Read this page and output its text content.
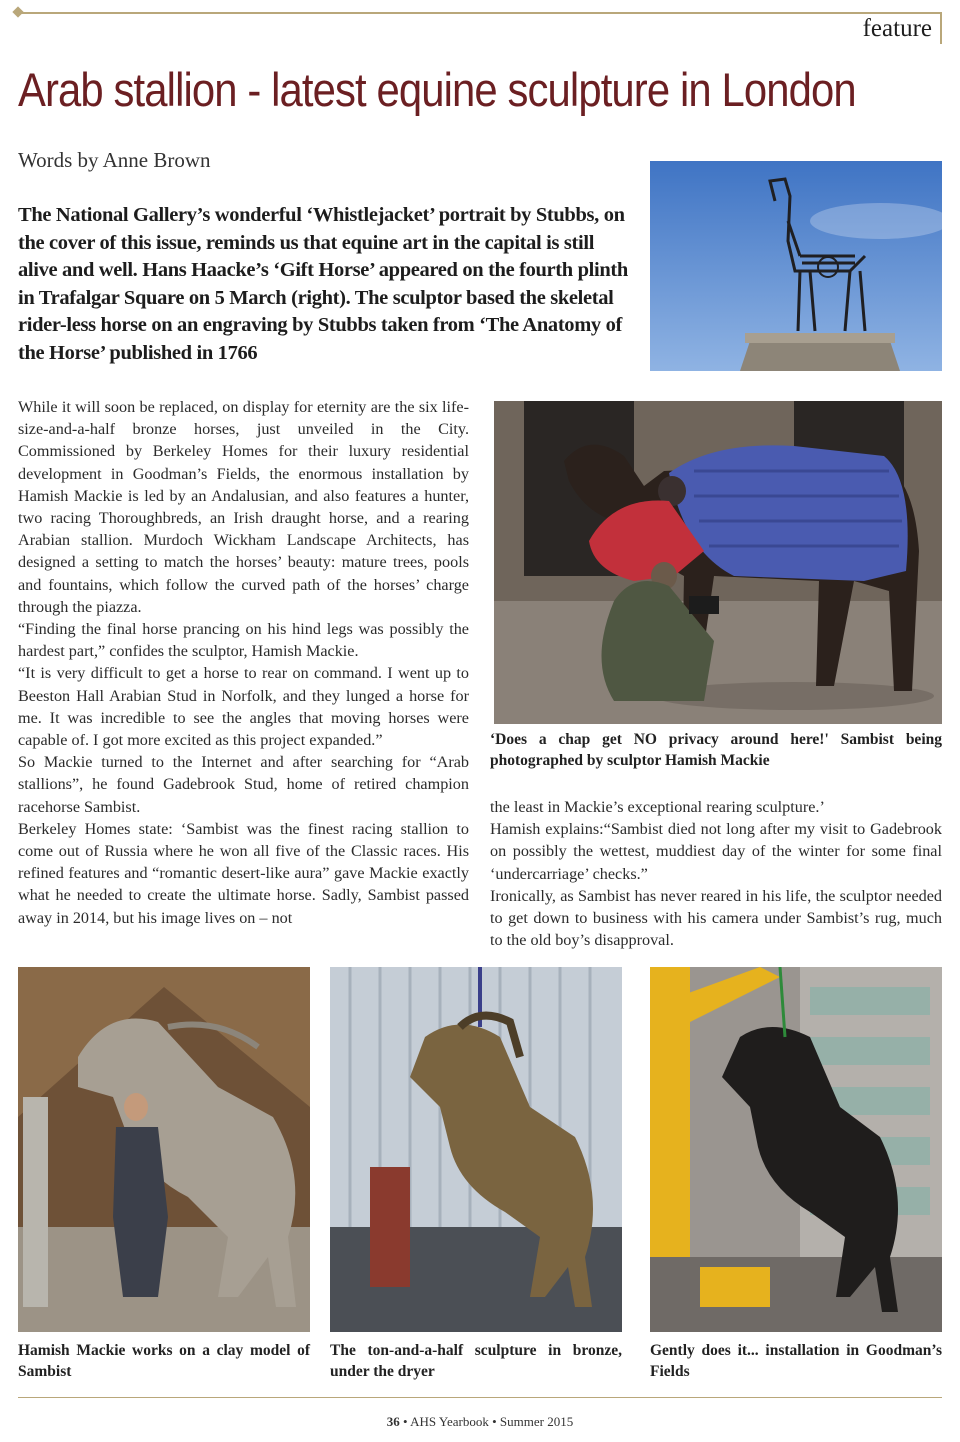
feature
Arab stallion - latest equine sculpture in London
Words by Anne Brown
The National Gallery’s wonderful ‘Whistlejacket’ portrait by Stubbs, on the cover of this issue, reminds us that equine art in the capital is still alive and well. Hans Haacke’s ‘Gift Horse’ appeared on the fourth plinth in Trafalgar Square on 5 March (right). The sculptor based the skeletal rider-less horse on an engraving by Stubbs taken from ‘The Anatomy of the Horse’ published in 1766

While it will soon be replaced, on display for eternity are the six life-size-and-a-half bronze horses, just unveiled in the City. Commissioned by Berkeley Homes for their luxury residential development in Goodman’s Fields, the enormous installation by Hamish Mackie is led by an Andalusian, and also features a hunter, two racing Thoroughbreds, an Irish draught horse, and a rearing Arabian stallion. Murdoch Wickham Landscape Architects, has designed a setting to match the horses’ beauty: mature trees, pools and fountains, which follow the curved path of the horses’ charge through the piazza.

“Finding the final horse prancing on his hind legs was possibly the hardest part,” confides the sculptor, Hamish Mackie.

“It is very difficult to get a horse to rear on command. I went up to Beeston Hall Arabian Stud in Norfolk, and they lunged a horse for me. It was incredible to see the angles that moving horses were capable of. I got more excited as this project expanded.”

So Mackie turned to the Internet and after searching for “Arab stallions”, he found Gadebrook Stud, home of retired champion racehorse Sambist.

Berkeley Homes state: ‘Sambist was the finest racing stallion to come out of Russia where he won all five of the Classic races. His refined features and “romantic desert-like aura” gave Mackie exactly what he needed to create the ultimate horse. Sadly, Sambist passed away in 2014, but his image lives on – not

‘Does a chap get NO privacy around here!' Sambist being photographed by sculptor Hamish Mackie

the least in Mackie’s exceptional rearing sculpture.’

Hamish explains:“Sambist died not long after my visit to Gadebrook on possibly the wettest, muddiest day of the winter for some final ‘undercarriage’ checks.”

Ironically, as Sambist has never reared in his life, the sculptor needed to get down to business with his camera under Sambist’s rug, much to the old boy’s disapproval.

Hamish Mackie works on a clay model of Sambist
The ton-and-a-half sculpture in bronze, under the dryer
Gently does it... installation in Goodman’s Fields
36 • AHS Yearbook • Summer 2015
